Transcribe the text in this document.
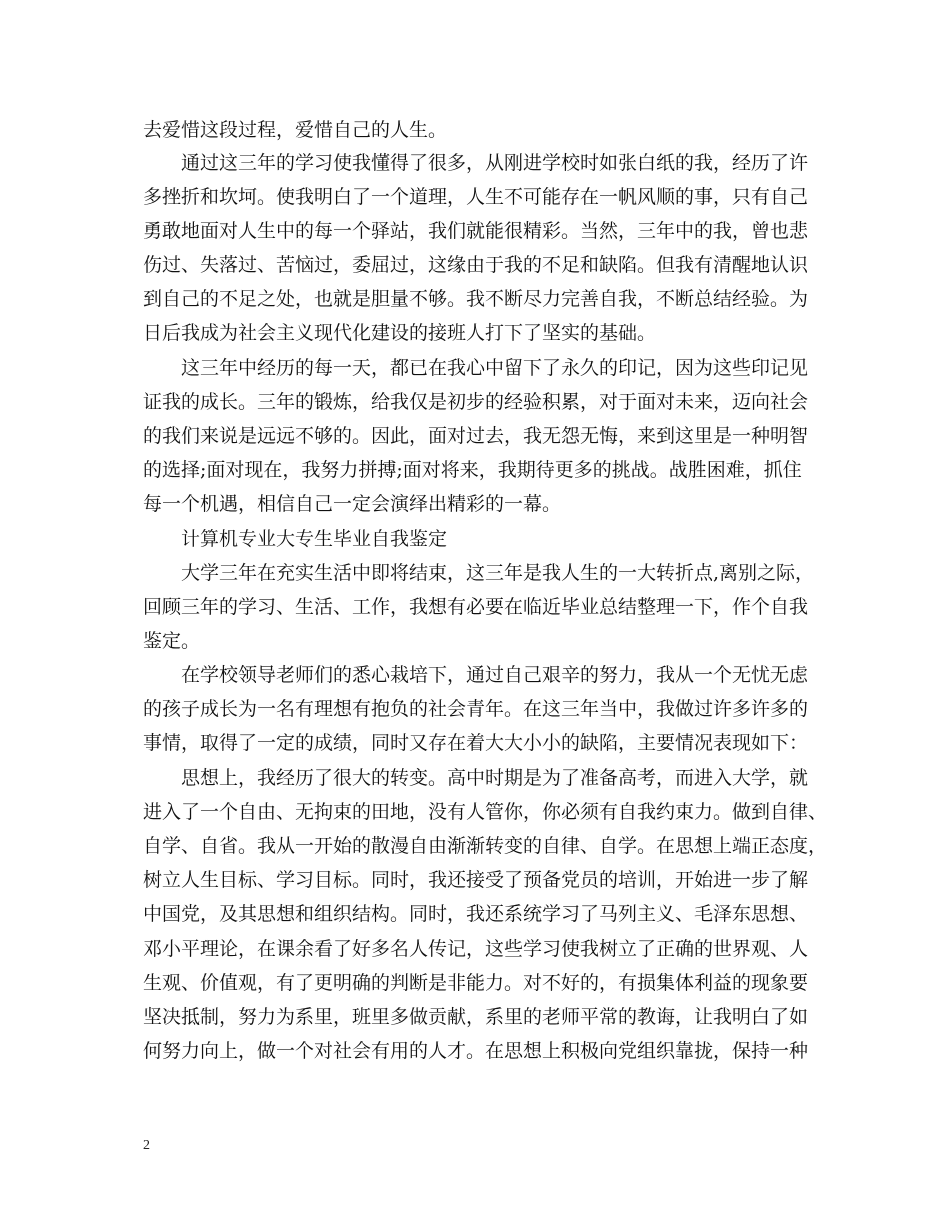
去爱惜这段过程，爱惜自己的人生。
通过这三年的学习使我懂得了很多，从刚进学校时如张白纸的我，经历了许
多挫折和坎坷。使我明白了一个道理，人生不可能存在一帆风顺的事，只有自己
勇敢地面对人生中的每一个驿站，我们就能很精彩。当然，三年中的我，曾也悲
伤过、失落过、苦恼过，委屈过，这缘由于我的不足和缺陷。但我有清醒地认识
到自己的不足之处，也就是胆量不够。我不断尽力完善自我，不断总结经验。为
日后我成为社会主义现代化建设的接班人打下了坚实的基础。
这三年中经历的每一天，都已在我心中留下了永久的印记，因为这些印记见
证我的成长。三年的锻炼，给我仅是初步的经验积累，对于面对未来，迈向社会
的我们来说是远远不够的。因此，面对过去，我无怨无悔，来到这里是一种明智
的选择;面对现在，我努力拼搏;面对将来，我期待更多的挑战。战胜困难，抓住
每一个机遇，相信自己一定会演绎出精彩的一幕。
计算机专业大专生毕业自我鉴定
大学三年在充实生活中即将结束，这三年是我人生的一大转折点,离别之际，
回顾三年的学习、生活、工作，我想有必要在临近毕业总结整理一下，作个自我
鉴定。
在学校领导老师们的悉心栽培下，通过自己艰辛的努力，我从一个无忧无虑
的孩子成长为一名有理想有抱负的社会青年。在这三年当中，我做过许多许多的
事情，取得了一定的成绩，同时又存在着大大小小的缺陷，主要情况表现如下：
思想上，我经历了很大的转变。高中时期是为了准备高考，而进入大学，就
进入了一个自由、无拘束的田地，没有人管你，你必须有自我约束力。做到自律、
自学、自省。我从一开始的散漫自由渐渐转变的自律、自学。在思想上端正态度，
树立人生目标、学习目标。同时，我还接受了预备党员的培训，开始进一步了解
中国党，及其思想和组织结构。同时，我还系统学习了马列主义、毛泽东思想、
邓小平理论，在课余看了好多名人传记，这些学习使我树立了正确的世界观、人
生观、价值观，有了更明确的判断是非能力。对不好的，有损集体利益的现象要
坚决抵制，努力为系里，班里多做贡献，系里的老师平常的教诲，让我明白了如
何努力向上，做一个对社会有用的人才。在思想上积极向党组织靠拢，保持一种
2
